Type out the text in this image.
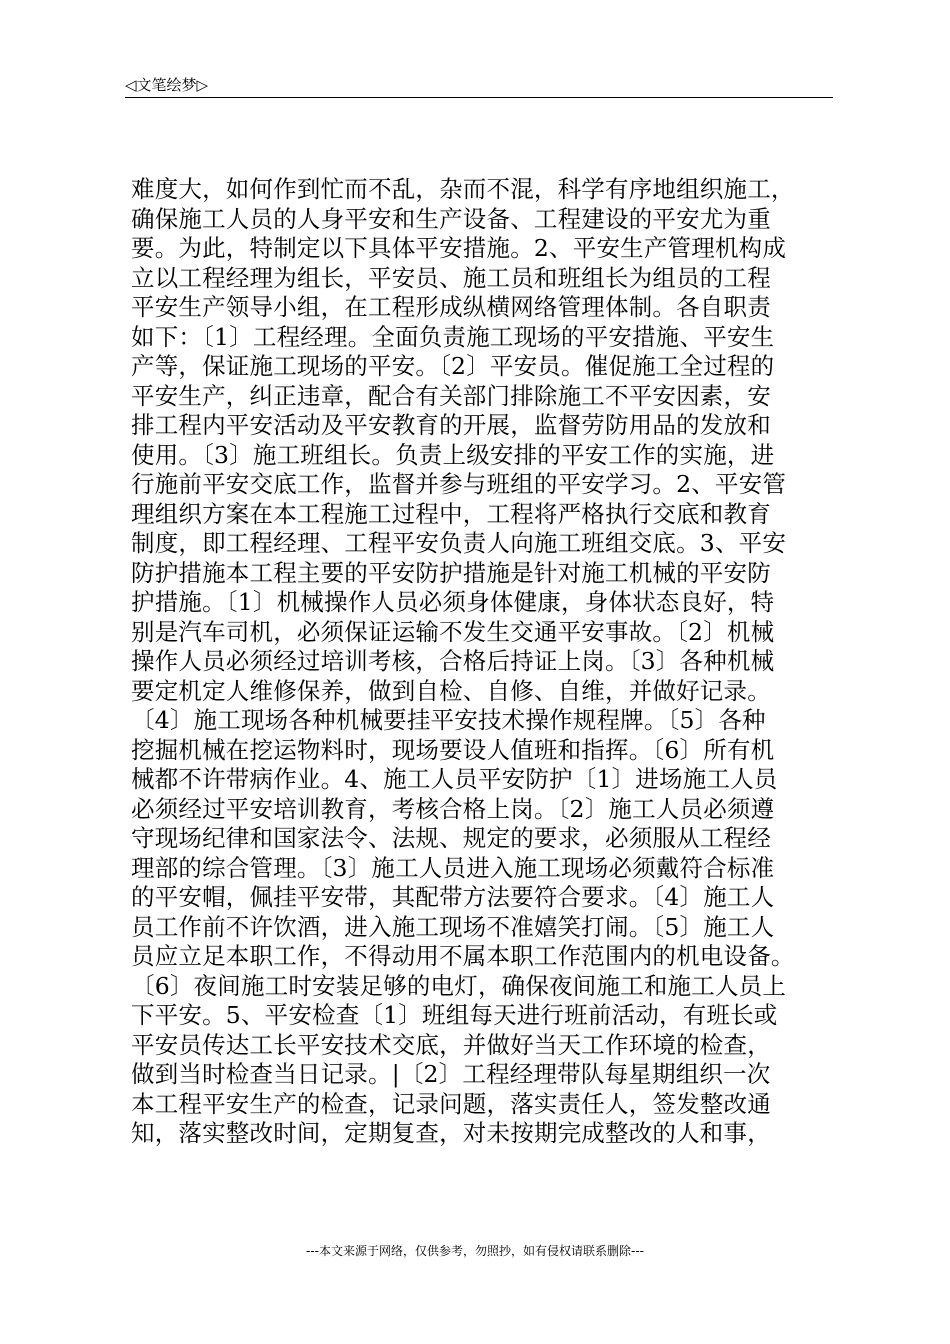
◁文笔绘梦▷
难度大，如何作到忙而不乱，杂而不混，科学有序地组织施工，
确保施工人员的人身平安和生产设备、工程建设的平安尤为重
要。为此，特制定以下具体平安措施。2、平安生产管理机构成
立以工程经理为组长，平安员、施工员和班组长为组员的工程
平安生产领导小组，在工程形成纵横网络管理体制。各自职责
如下：〔1〕工程经理。全面负责施工现场的平安措施、平安生
产等，保证施工现场的平安。〔2〕平安员。催促施工全过程的
平安生产，纠正违章，配合有关部门排除施工不平安因素，安
排工程内平安活动及平安教育的开展，监督劳防用品的发放和
使用。〔3〕施工班组长。负责上级安排的平安工作的实施，进
行施前平安交底工作，监督并参与班组的平安学习。2、平安管
理组织方案在本工程施工过程中，工程将严格执行交底和教育
制度，即工程经理、工程平安负责人向施工班组交底。3、平安
防护措施本工程主要的平安防护措施是针对施工机械的平安防
护措施。〔1〕机械操作人员必须身体健康，身体状态良好，特
别是汽车司机，必须保证运输不发生交通平安事故。〔2〕机械
操作人员必须经过培训考核，合格后持证上岗。〔3〕各种机械
要定机定人维修保养，做到自检、自修、自维，并做好记录。
〔4〕施工现场各种机械要挂平安技术操作规程牌。〔5〕各种
挖掘机械在挖运物料时，现场要设人值班和指挥。〔6〕所有机
械都不许带病作业。4、施工人员平安防护〔1〕进场施工人员
必须经过平安培训教育，考核合格上岗。〔2〕施工人员必须遵
守现场纪律和国家法令、法规、规定的要求，必须服从工程经
理部的综合管理。〔3〕施工人员进入施工现场必须戴符合标准
的平安帽，佩挂平安带，其配带方法要符合要求。〔4〕施工人
员工作前不许饮酒，进入施工现场不准嬉笑打闹。〔5〕施工人
员应立足本职工作，不得动用不属本职工作范围内的机电设备。
〔6〕夜间施工时安装足够的电灯，确保夜间施工和施工人员上
下平安。5、平安检查〔1〕班组每天进行班前活动，有班长或
平安员传达工长平安技术交底，并做好当天工作环境的检查，
做到当时检查当日记录。|〔2〕工程经理带队每星期组织一次
本工程平安生产的检查，记录问题，落实责任人，签发整改通
知，落实整改时间，定期复查，对未按期完成整改的人和事，
---本文来源于网络，仅供参考，勿照抄，如有侵权请联系删除---
